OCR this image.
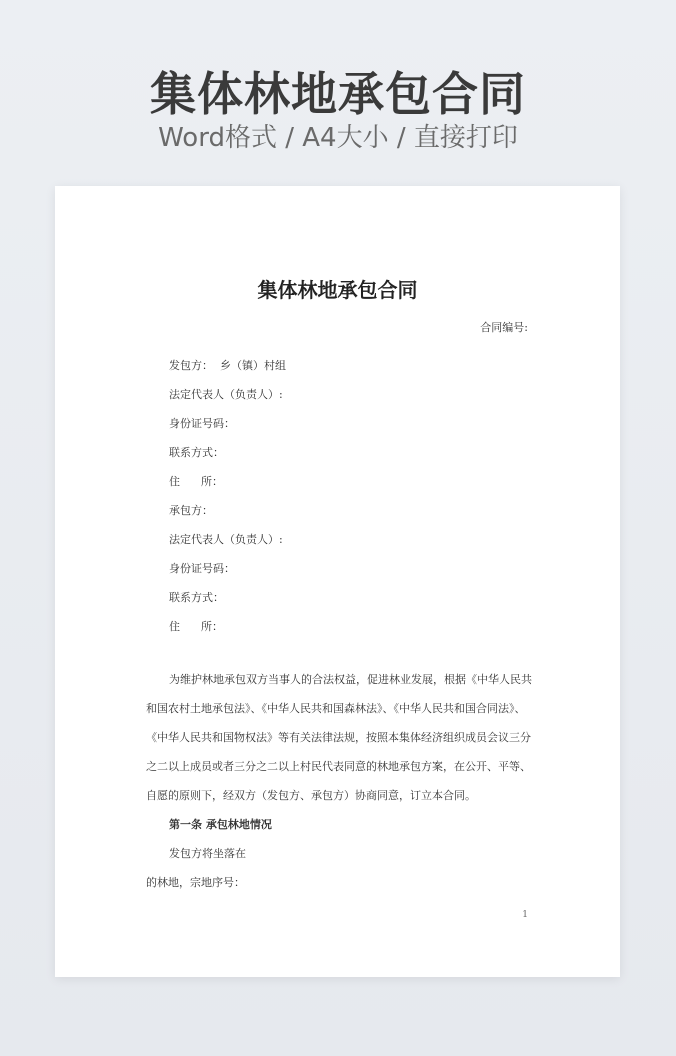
集体林地承包合同
Word格式 / A4大小 / 直接打印
集体林地承包合同
合同编号:
发包方：  乡（镇）村组
法定代表人（负责人）:
身份证号码：
联系方式：
住      所：
承包方：
法定代表人（负责人）:
身份证号码：
联系方式：
住      所：
为维护林地承包双方当事人的合法权益，促进林业发展，根据《中华人民共
和国农村土地承包法》、《中华人民共和国森林法》、《中华人民共和国合同法》、
《中华人民共和国物权法》等有关法律法规，按照本集体经济组织成员会议三分
之二以上成员或者三分之二以上村民代表同意的林地承包方案，在公开、平等、
自愿的原则下，经双方（发包方、承包方）协商同意，订立本合同。
第一条 承包林地情况
发包方将坐落在
的林地，宗地序号：
1
